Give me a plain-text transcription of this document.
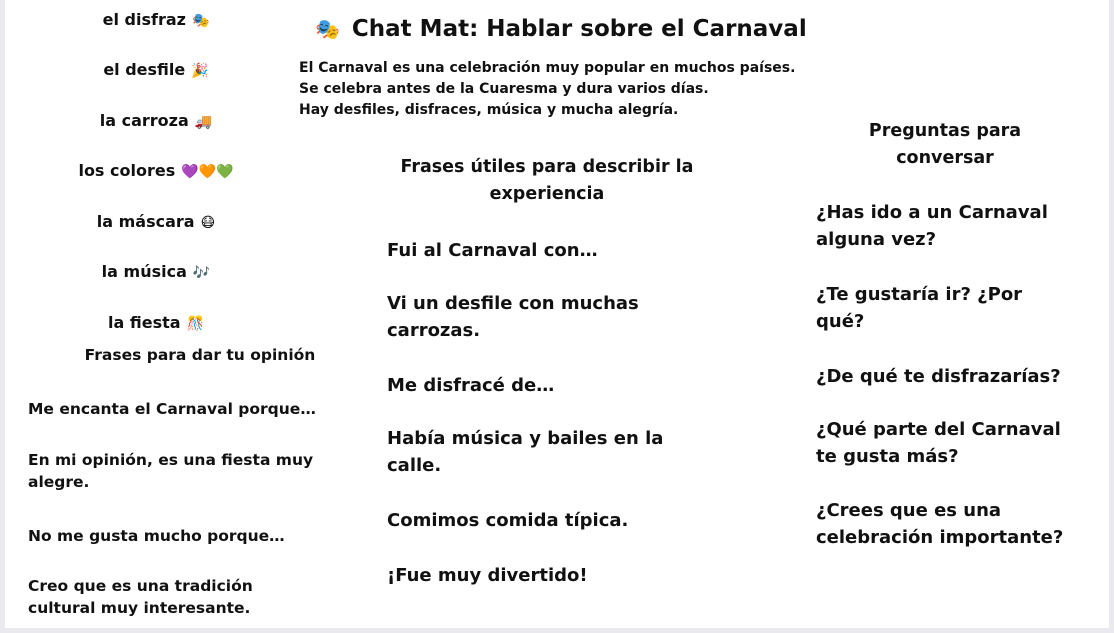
el disfraz 🎭
el desfile 🎉
la carroza 🚚
los colores 💜🧡💚
la máscara 😷
la música 🎶
la fiesta 🎊
🎭 Chat Mat: Hablar sobre el Carnaval
El Carnaval es una celebración muy popular en muchos países.
Se celebra antes de la Cuaresma y dura varios días.
Hay desfiles, disfraces, música y mucha alegría.
Frases para dar tu opinión
Me encanta el Carnaval porque…
En mi opinión, es una fiesta muy alegre.
No me gusta mucho porque…
Creo que es una tradición cultural muy interesante.
Frases útiles para describir la experiencia
Fui al Carnaval con…
Vi un desfile con muchas carrozas.
Me disfracé de…
Había música y bailes en la calle.
Comimos comida típica.
¡Fue muy divertido!
Preguntas para conversar
¿Has ido a un Carnaval alguna vez?
¿Te gustaría ir? ¿Por qué?
¿De qué te disfrazarías?
¿Qué parte del Carnaval te gusta más?
¿Crees que es una celebración importante?
